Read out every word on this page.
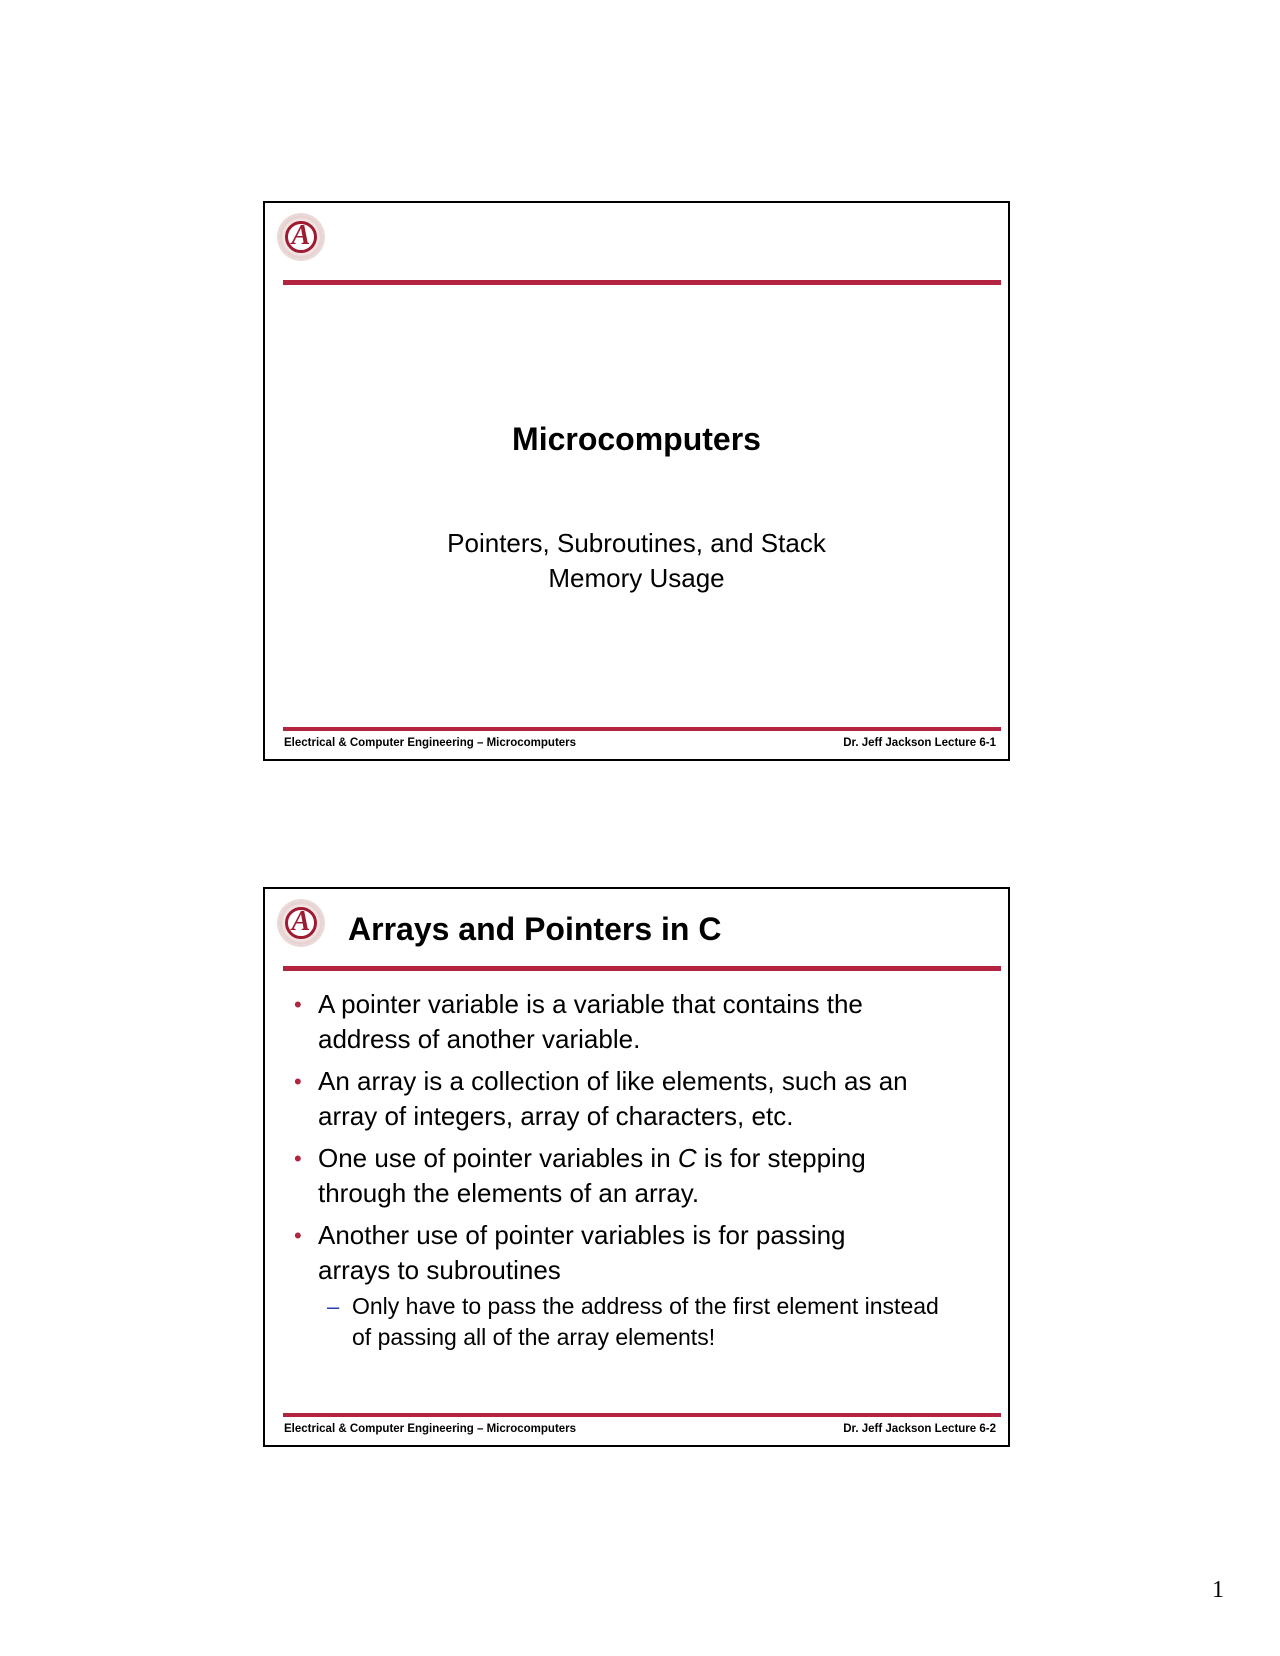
A
Microcomputers
Pointers, Subroutines, and Stack
Memory Usage
Electrical & Computer Engineering – Microcomputers	Dr. Jeff Jackson Lecture 6-1
A	Arrays and Pointers in C
• A pointer variable is a variable that contains the
address of another variable.
• An array is a collection of like elements, such as an
array of integers, array of characters, etc.
• One use of pointer variables in C is for stepping
through the elements of an array.
• Another use of pointer variables is for passing
arrays to subroutines
– Only have to pass the address of the first element instead
of passing all of the array elements!
Electrical & Computer Engineering – Microcomputers	Dr. Jeff Jackson Lecture 6-2
1
